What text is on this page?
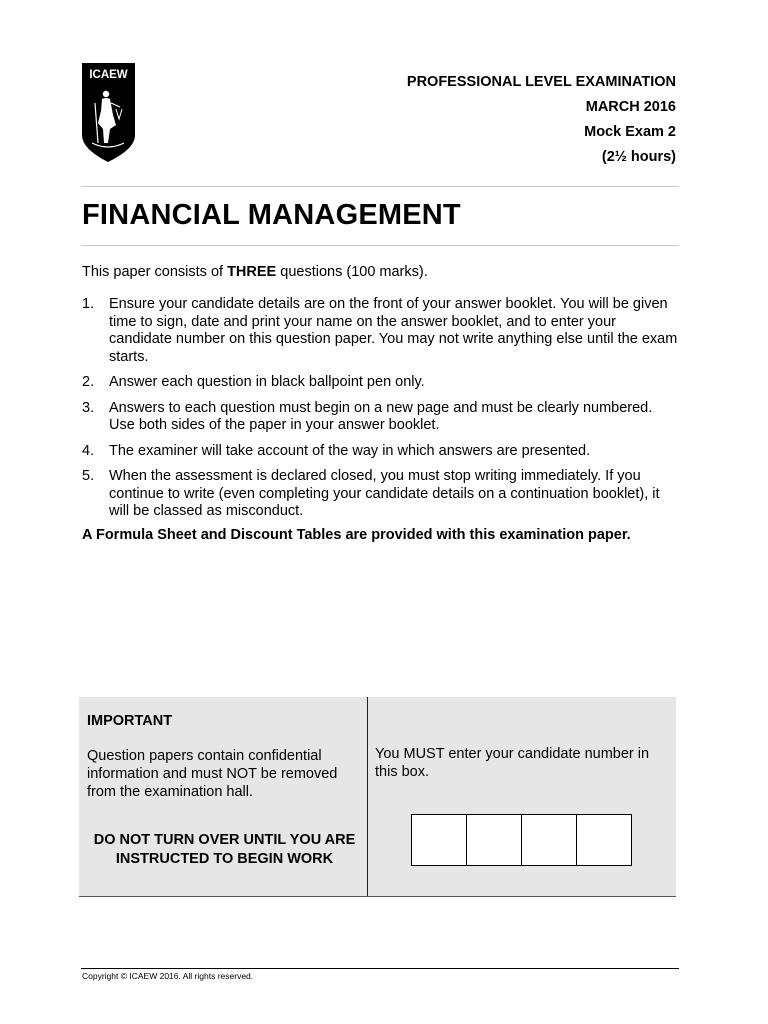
ICAEW	PROFESSIONAL LEVEL EXAMINATION
MARCH 2016
Mock Exam 2
(2½ hours)
FINANCIAL MANAGEMENT
This paper consists of THREE questions (100 marks).
1.	Ensure your candidate details are on the front of your answer booklet. You will be given time to sign, date and print your name on the answer booklet, and to enter your candidate number on this question paper. You may not write anything else until the exam starts.
2.	Answer each question in black ballpoint pen only.
3.	Answers to each question must begin on a new page and must be clearly numbered. Use both sides of the paper in your answer booklet.
4.	The examiner will take account of the way in which answers are presented.
5.	When the assessment is declared closed, you must stop writing immediately. If you continue to write (even completing your candidate details on a continuation booklet), it will be classed as misconduct.
A Formula Sheet and Discount Tables are provided with this examination paper.
IMPORTANT
Question papers contain confidential information and must NOT be removed from the examination hall.
DO NOT TURN OVER UNTIL YOU ARE INSTRUCTED TO BEGIN WORK
You MUST enter your candidate number in this box.
Copyright © ICAEW 2016. All rights reserved.
